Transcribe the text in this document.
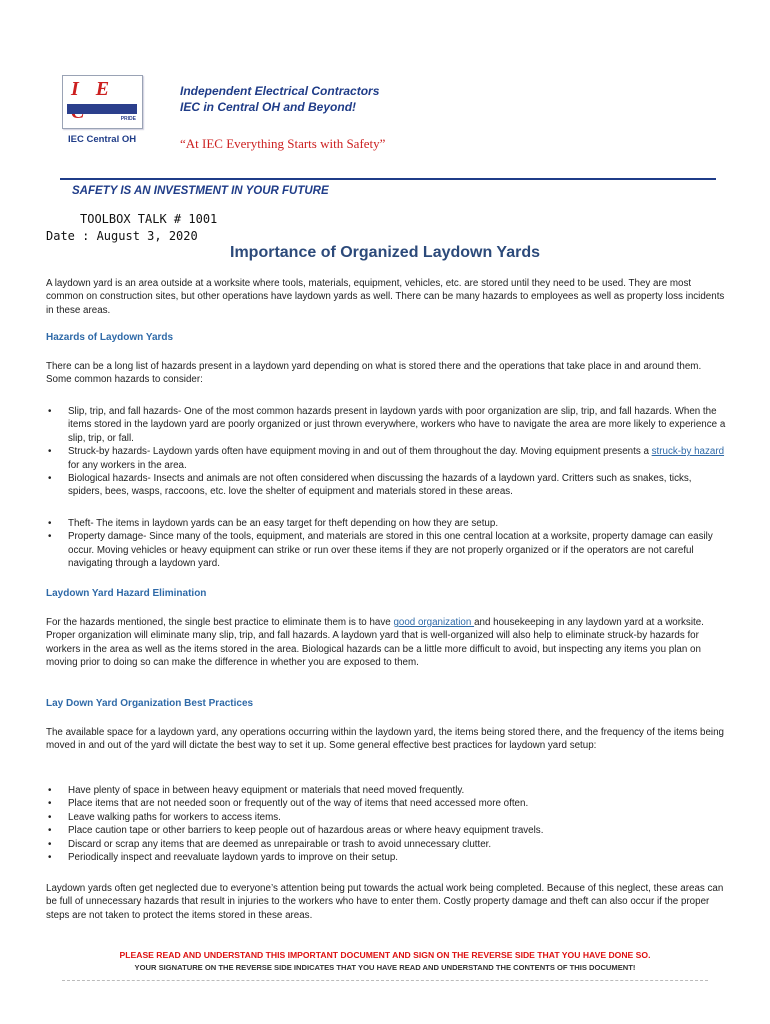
I E
PRIDE
Independent Electrical Contractors
IEC in Central OH and Beyond!
IEC Central OH	“At IEC Everything Starts with Safety”
SAFETY IS AN INVESTMENT IN YOUR FUTURE
TOOLBOX TALK # 1001
Date : August 3, 2020
Importance of Organized Laydown Yards

A laydown yard is an area outside at a worksite where tools, materials, equipment, vehicles, etc. are stored until they need to be used. They are most common on construction sites, but other operations have laydown yards as well. There can be many hazards to employees as well as property loss incidents in these areas.

Hazards of Laydown Yards

There can be a long list of hazards present in a laydown yard depending on what is stored there and the operations that take place in and around them. Some common hazards to consider:

• Slip, trip, and fall hazards- One of the most common hazards present in laydown yards with poor organization are slip, trip, and fall hazards. When the items stored in the laydown yard are poorly organized or just thrown everywhere, workers who have to navigate the area are more likely to experience a slip, trip, or fall.
• Struck-by hazards- Laydown yards often have equipment moving in and out of them throughout the day. Moving equipment presents a struck-by hazard for any workers in the area.
• Biological hazards- Insects and animals are not often considered when discussing the hazards of a laydown yard. Critters such as snakes, ticks, spiders, bees, wasps, raccoons, etc. love the shelter of equipment and materials stored in these areas.
• Theft- The items in laydown yards can be an easy target for theft depending on how they are setup.
• Property damage- Since many of the tools, equipment, and materials are stored in this one central location at a worksite, property damage can easily occur. Moving vehicles or heavy equipment can strike or run over these items if they are not properly organized or if the operators are not careful navigating through a laydown yard.
Laydown Yard Hazard Elimination

For the hazards mentioned, the single best practice to eliminate them is to have good organization and housekeeping in any laydown yard at a worksite. Proper organization will eliminate many slip, trip, and fall hazards. A laydown yard that is well-organized will also help to eliminate struck-by hazards for workers in the area as well as the items stored in the area. Biological hazards can be a little more difficult to avoid, but inspecting any items you plan on moving prior to doing so can make the difference in whether you are exposed to them.

Lay Down Yard Organization Best Practices

The available space for a laydown yard, any operations occurring within the laydown yard, the items being stored there, and the frequency of the items being moved in and out of the yard will dictate the best way to set it up. Some general effective best practices for laydown yard setup:

• Have plenty of space in between heavy equipment or materials that need moved frequently.
• Place items that are not needed soon or frequently out of the way of items that need accessed more often.
• Leave walking paths for workers to access items.
• Place caution tape or other barriers to keep people out of hazardous areas or where heavy equipment travels.
• Discard or scrap any items that are deemed as unrepairable or trash to avoid unnecessary clutter.
• Periodically inspect and reevaluate laydown yards to improve on their setup.

Laydown yards often get neglected due to everyone’s attention being put towards the actual work being completed. Because of this neglect, these areas can be full of unnecessary hazards that result in injuries to the workers who have to enter them. Costly property damage and theft can also occur if the proper steps are not taken to protect the items stored in these areas.

PLEASE READ AND UNDERSTAND THIS IMPORTANT DOCUMENT AND SIGN ON THE REVERSE SIDE THAT YOU HAVE DONE SO.
YOUR SIGNATURE ON THE REVERSE SIDE INDICATES THAT YOU HAVE READ AND UNDERSTAND THE CONTENTS OF THIS DOCUMENT!
